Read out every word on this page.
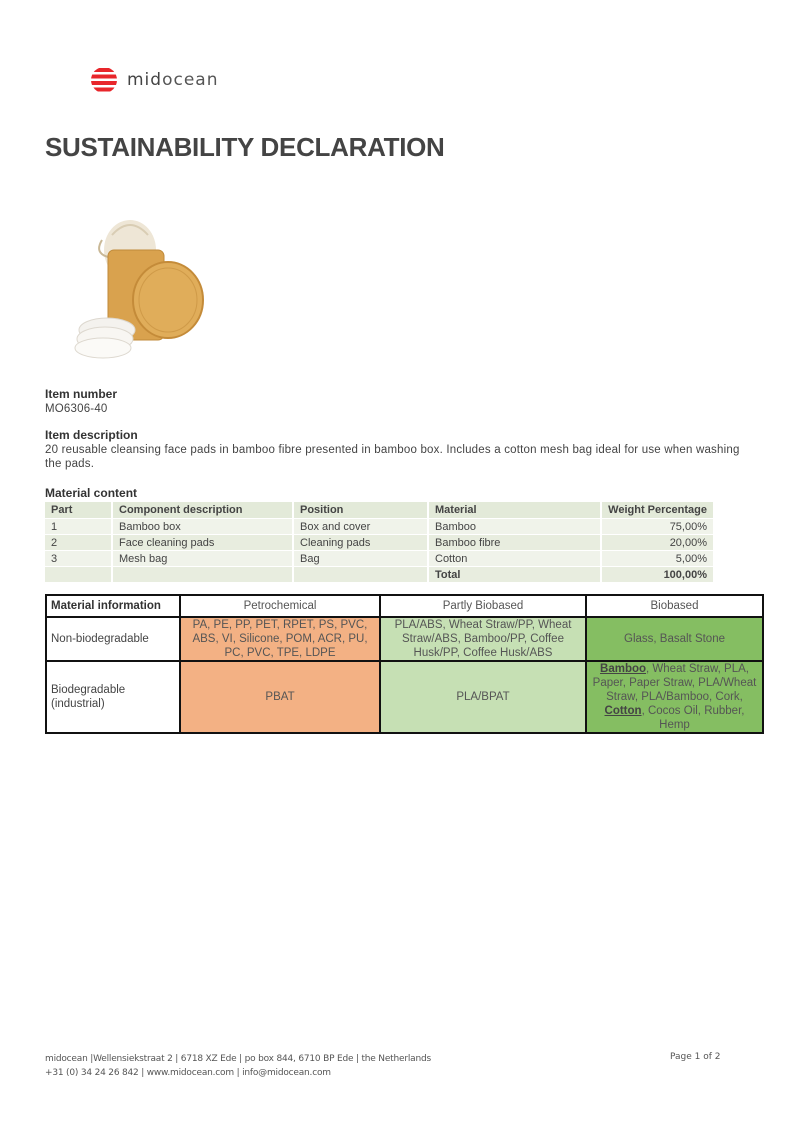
midocean
SUSTAINABILITY DECLARATION
Item number
MO6306-40
Item description
20 reusable cleansing face pads in bamboo fibre presented in bamboo box. Includes a cotton mesh bag ideal for use when washing the pads.
Material content
Part	Component description	Position	Material	Weight Percentage
1	Bamboo box	Box and cover	Bamboo	75,00%
2	Face cleaning pads	Cleaning pads	Bamboo fibre	20,00%
3	Mesh bag	Bag	Cotton	5,00%
			Total	100,00%
Material information	Petrochemical	Partly Biobased	Biobased
Non-biodegradable	PA, PE, PP, PET, RPET, PS, PVC, ABS, VI, Silicone, POM, ACR, PU, PC, PVC, TPE, LDPE	PLA/ABS, Wheat Straw/PP, Wheat Straw/ABS, Bamboo/PP, Coffee Husk/PP, Coffee Husk/ABS	Glass, Basalt Stone
Biodegradable (industrial)	PBAT	PLA/BPAT	Bamboo, Wheat Straw, PLA, Paper, Paper Straw, PLA/Wheat Straw, PLA/Bamboo, Cork, Cotton, Cocos Oil, Rubber, Hemp
midocean |Wellensiekstraat 2 | 6718 XZ Ede | po box 844, 6710 BP Ede | the Netherlands
+31 (0) 34 24 26 842 | www.midocean.com | info@midocean.com
Page 1 of 2
